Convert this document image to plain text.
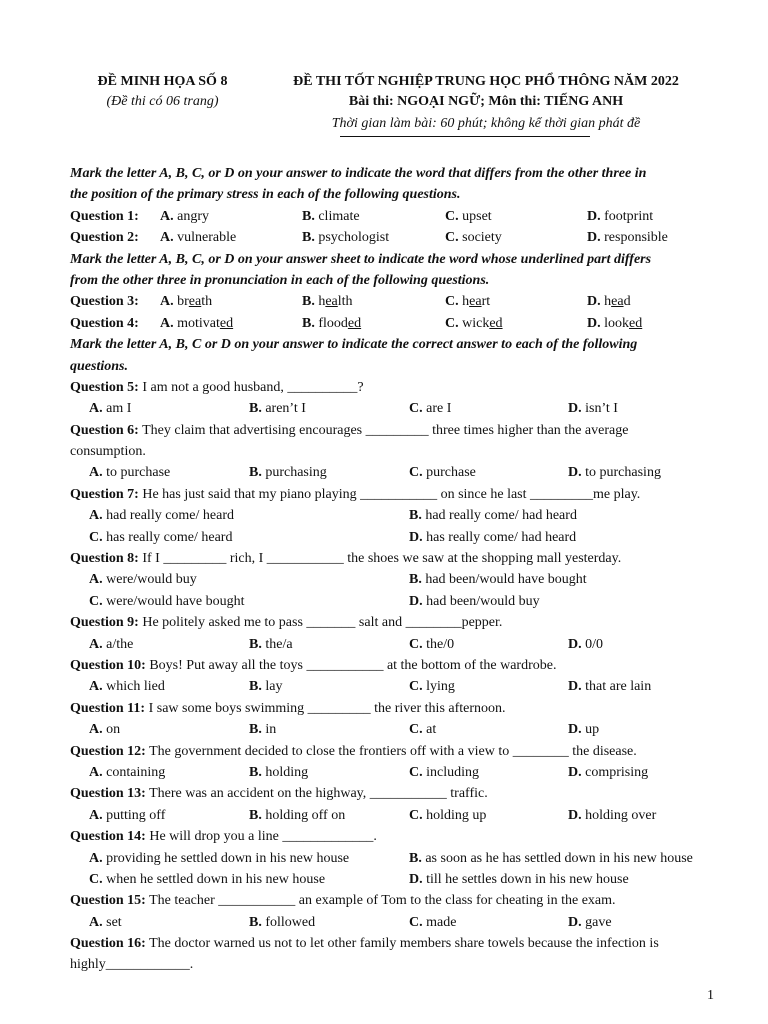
ĐỀ MINH HỌA SỐ 8
(Đề thi có 06 trang)
ĐỀ THI TỐT NGHIỆP TRUNG HỌC PHỔ THÔNG NĂM 2022
Bài thi: NGOẠI NGỮ; Môn thi: TIẾNG ANH
Thời gian làm bài: 60 phút; không kể thời gian phát đề
Mark the letter A, B, C, or D on your answer to indicate the word that differs from the other three in
the position of the primary stress in each of the following questions.
Question 1: A. angry	B. climate	C. upset	D. footprint
Question 2: A. vulnerable	B. psychologist	C. society	D. responsible
Mark the letter A, B, C, or D on your answer sheet to indicate the word whose underlined part differs
from the other three in pronunciation in each of the following questions.
Question 3: A. breath	B. health	C. heart	D. head
Question 4: A. motivated	B. flooded	C. wicked	D. looked
Mark the letter A, B, C or D on your answer to indicate the correct answer to each of the following
questions.
Question 5: I am not a good husband, __________?
A. am I	B. aren’t I	C. are I	D. isn’t I
Question 6: They claim that advertising encourages _________ three times higher than the average
consumption.
A. to purchase	B. purchasing	C. purchase	D. to purchasing
Question 7: He has just said that my piano playing ___________ on since he last _________me play.
A. had really come/ heard	B. had really come/ had heard
C. has really come/ heard	D. has really come/ had heard
Question 8: If I _________ rich, I ___________ the shoes we saw at the shopping mall yesterday.
A. were/would buy	B. had been/would have bought
C. were/would have bought	D. had been/would buy
Question 9: He politely asked me to pass _______ salt and ________pepper.
A. a/the	B. the/a	C. the/0	D. 0/0
Question 10: Boys! Put away all the toys ___________ at the bottom of the wardrobe.
A. which lied	B. lay	C. lying	D. that are lain
Question 11: I saw some boys swimming _________ the river this afternoon.
A. on	B. in	C. at	D. up
Question 12: The government decided to close the frontiers off with a view to ________ the disease.
A. containing	B. holding	C. including	D. comprising
Question 13: There was an accident on the highway, ___________ traffic.
A. putting off	B. holding off on	C. holding up	D. holding over
Question 14: He will drop you a line _____________.
A. providing he settled down in his new house	B. as soon as he has settled down in his new house
C. when he settled down in his new house	D. till he settles down in his new house
Question 15: The teacher ___________ an example of Tom to the class for cheating in the exam.
A. set	B. followed	C. made	D. gave
Question 16: The doctor warned us not to let other family members share towels because the infection is
highly____________.
1
